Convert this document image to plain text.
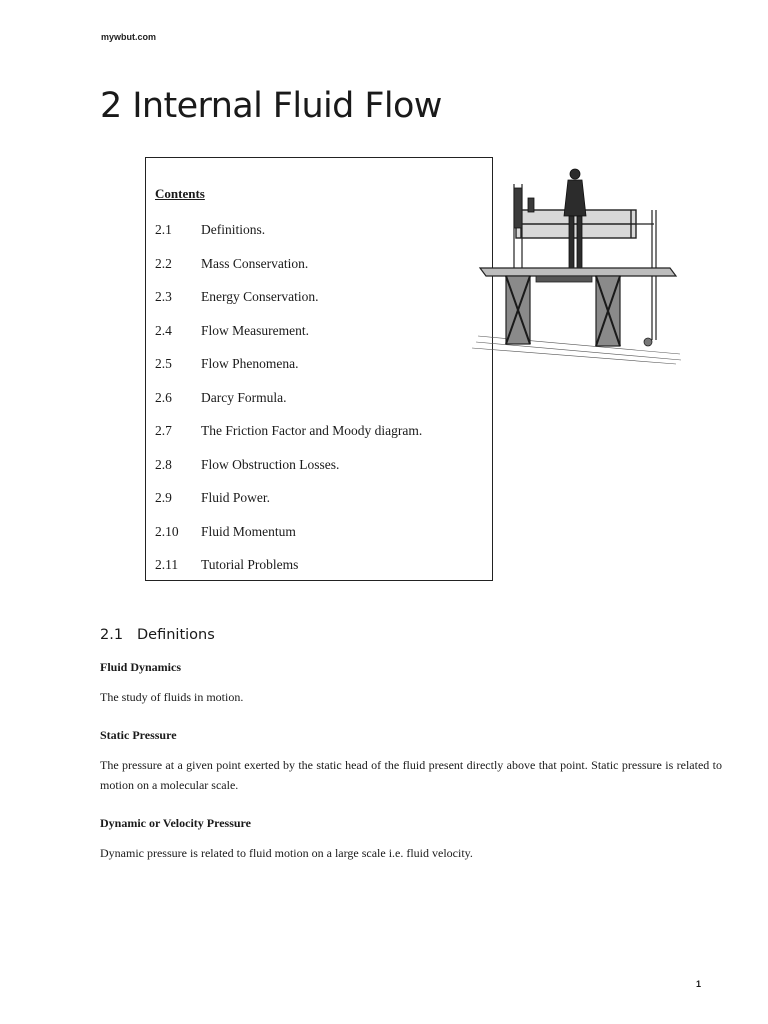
mywbut.com
2 Internal Fluid Flow
Contents
2.1	Definitions.
2.2	Mass Conservation.
2.3	Energy Conservation.
2.4	Flow Measurement.
2.5	Flow Phenomena.
2.6	Darcy Formula.
2.7	The Friction Factor and Moody diagram.
2.8	Flow Obstruction Losses.
2.9	Fluid Power.
2.10	Fluid Momentum
2.11	Tutorial Problems
2.1 Definitions
Fluid Dynamics
The study of fluids in motion.
Static Pressure
The pressure at a given point exerted by the static head of the fluid present directly above that point. Static pressure is related to motion on a molecular scale.
Dynamic or Velocity Pressure
Dynamic pressure is related to fluid motion on a large scale i.e. fluid velocity.
1
